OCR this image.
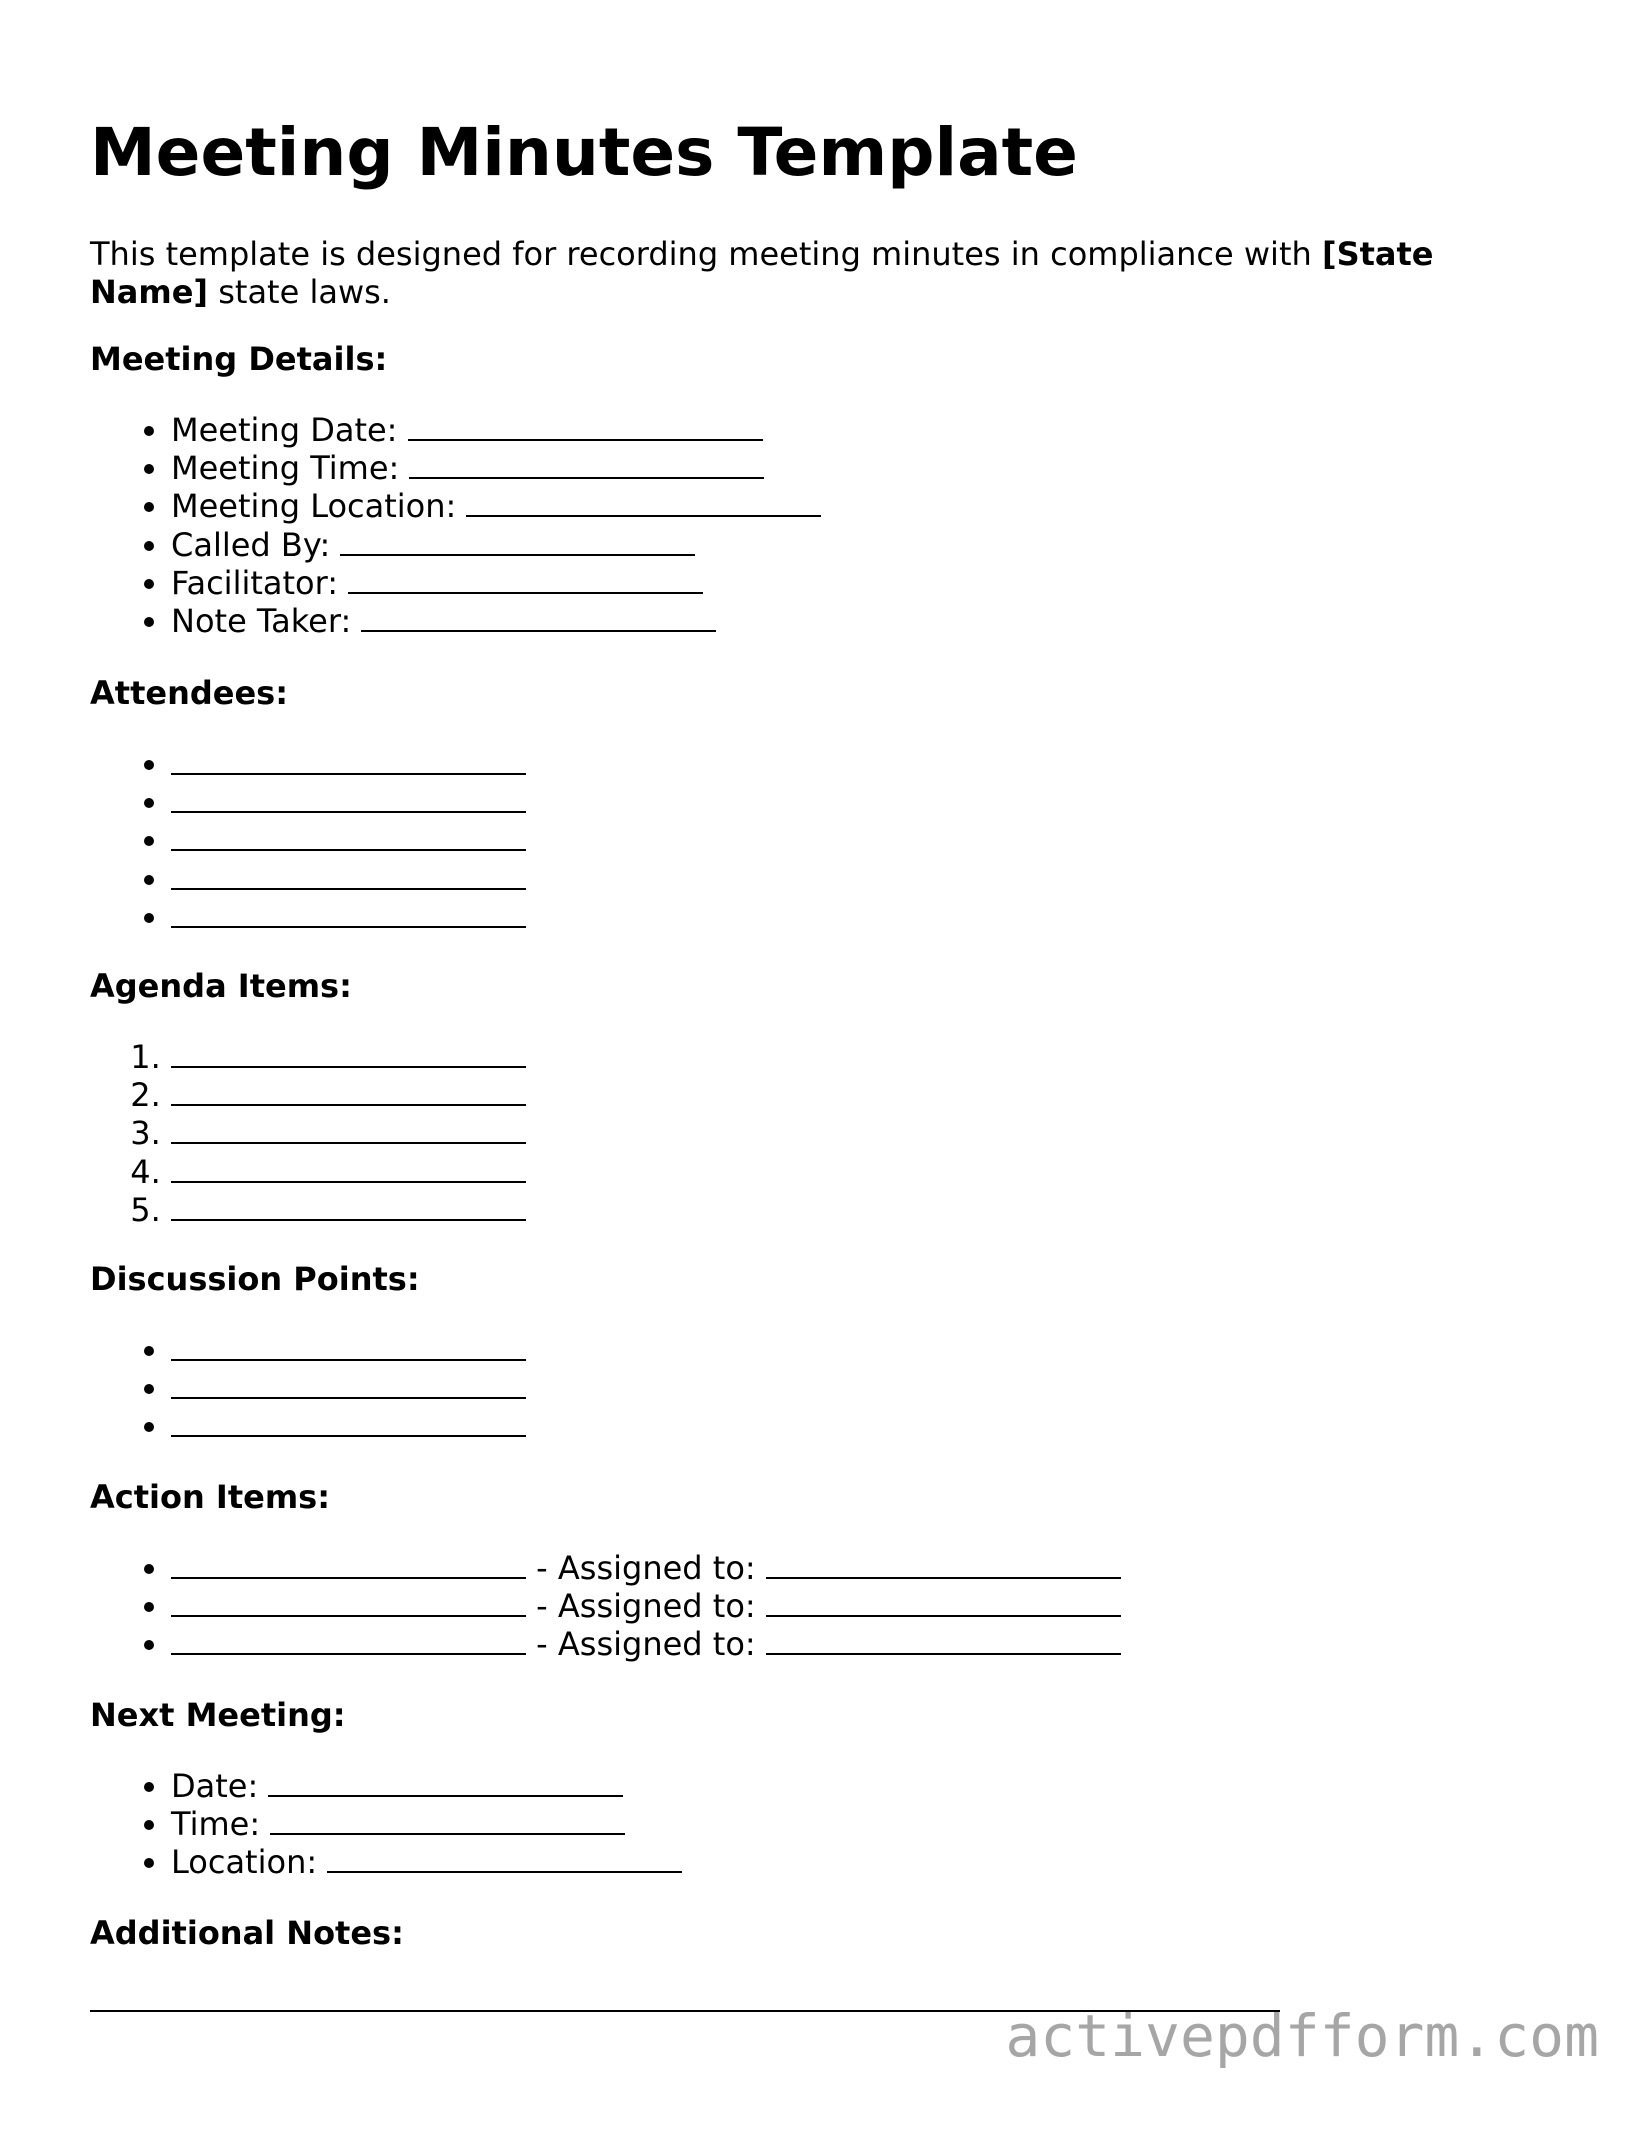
Meeting Minutes Template

This template is designed for recording meeting minutes in compliance with [State Name] state laws.

Meeting Details:
• Meeting Date:
• Meeting Time:
• Meeting Location:
• Called By:
• Facilitator:
• Note Taker:
Attendees:
•
•
•
•
•
Agenda Items:
1.
2.
3.
4.
5.
Discussion Points:
•
•
•
Action Items:
•  - Assigned to:
•  - Assigned to:
•  - Assigned to:
Next Meeting:
• Date:
• Time:
• Location:
Additional Notes:
activepdfform.com
